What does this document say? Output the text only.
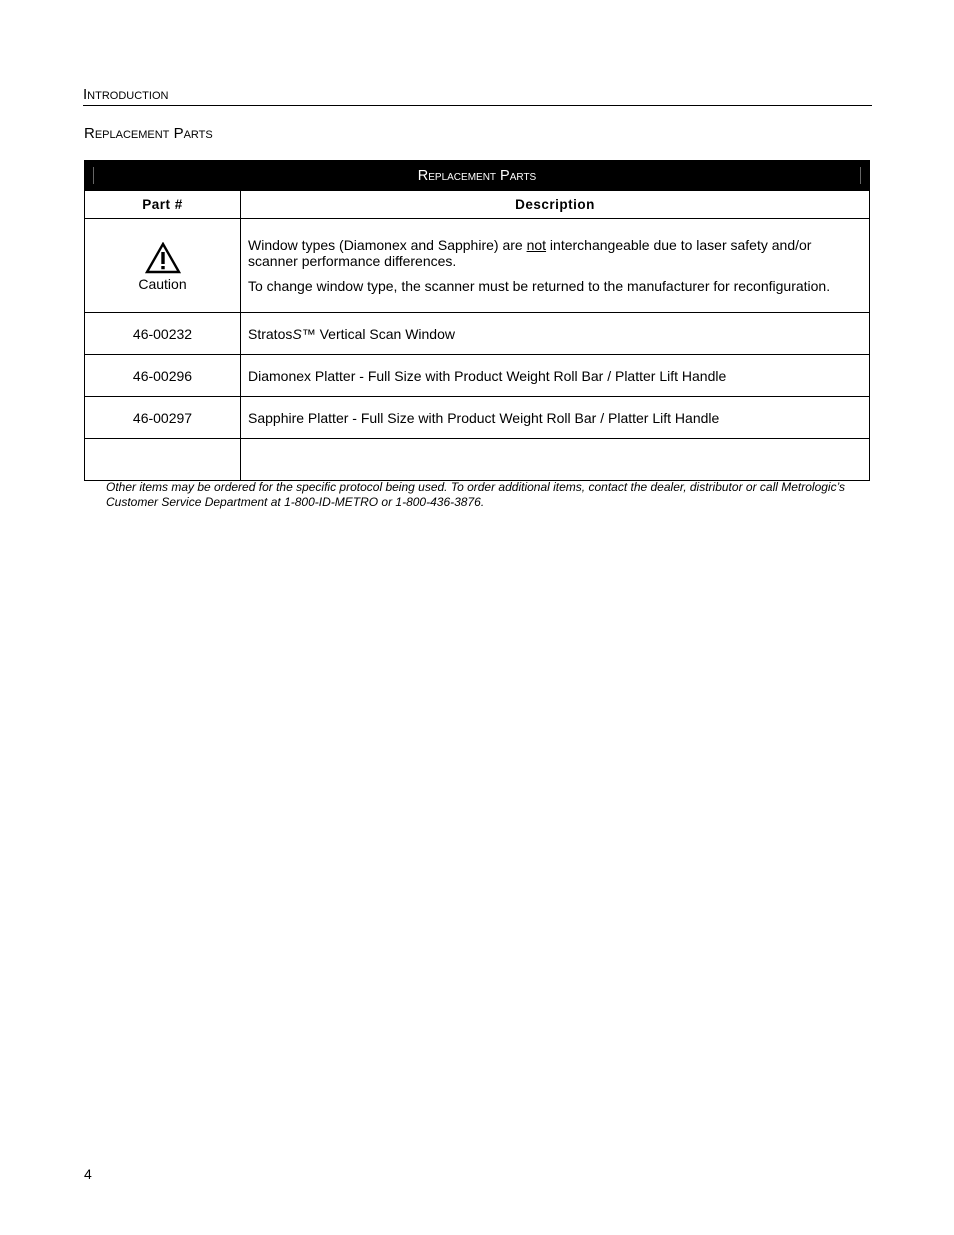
Introduction
Replacement Parts
Replacement Parts	

Part #	Description

Caution	Window types (Diamonex and Sapphire) are not interchangeable due to laser safety and/or scanner performance differences.

To change window type, the scanner must be returned to the manufacturer for reconfiguration.

46-00232	StratosS™ Vertical Scan Window
46-00296	Diamonex Platter - Full Size with Product Weight Roll Bar / Platter Lift Handle
46-00297	Sapphire Platter - Full Size with Product Weight Roll Bar / Platter Lift Handle

Other items may be ordered for the specific protocol being used. To order additional items, contact the dealer, distributor or call Metrologic’s Customer Service Department at 1-800-ID-METRO or 1-800-436-3876.
4
